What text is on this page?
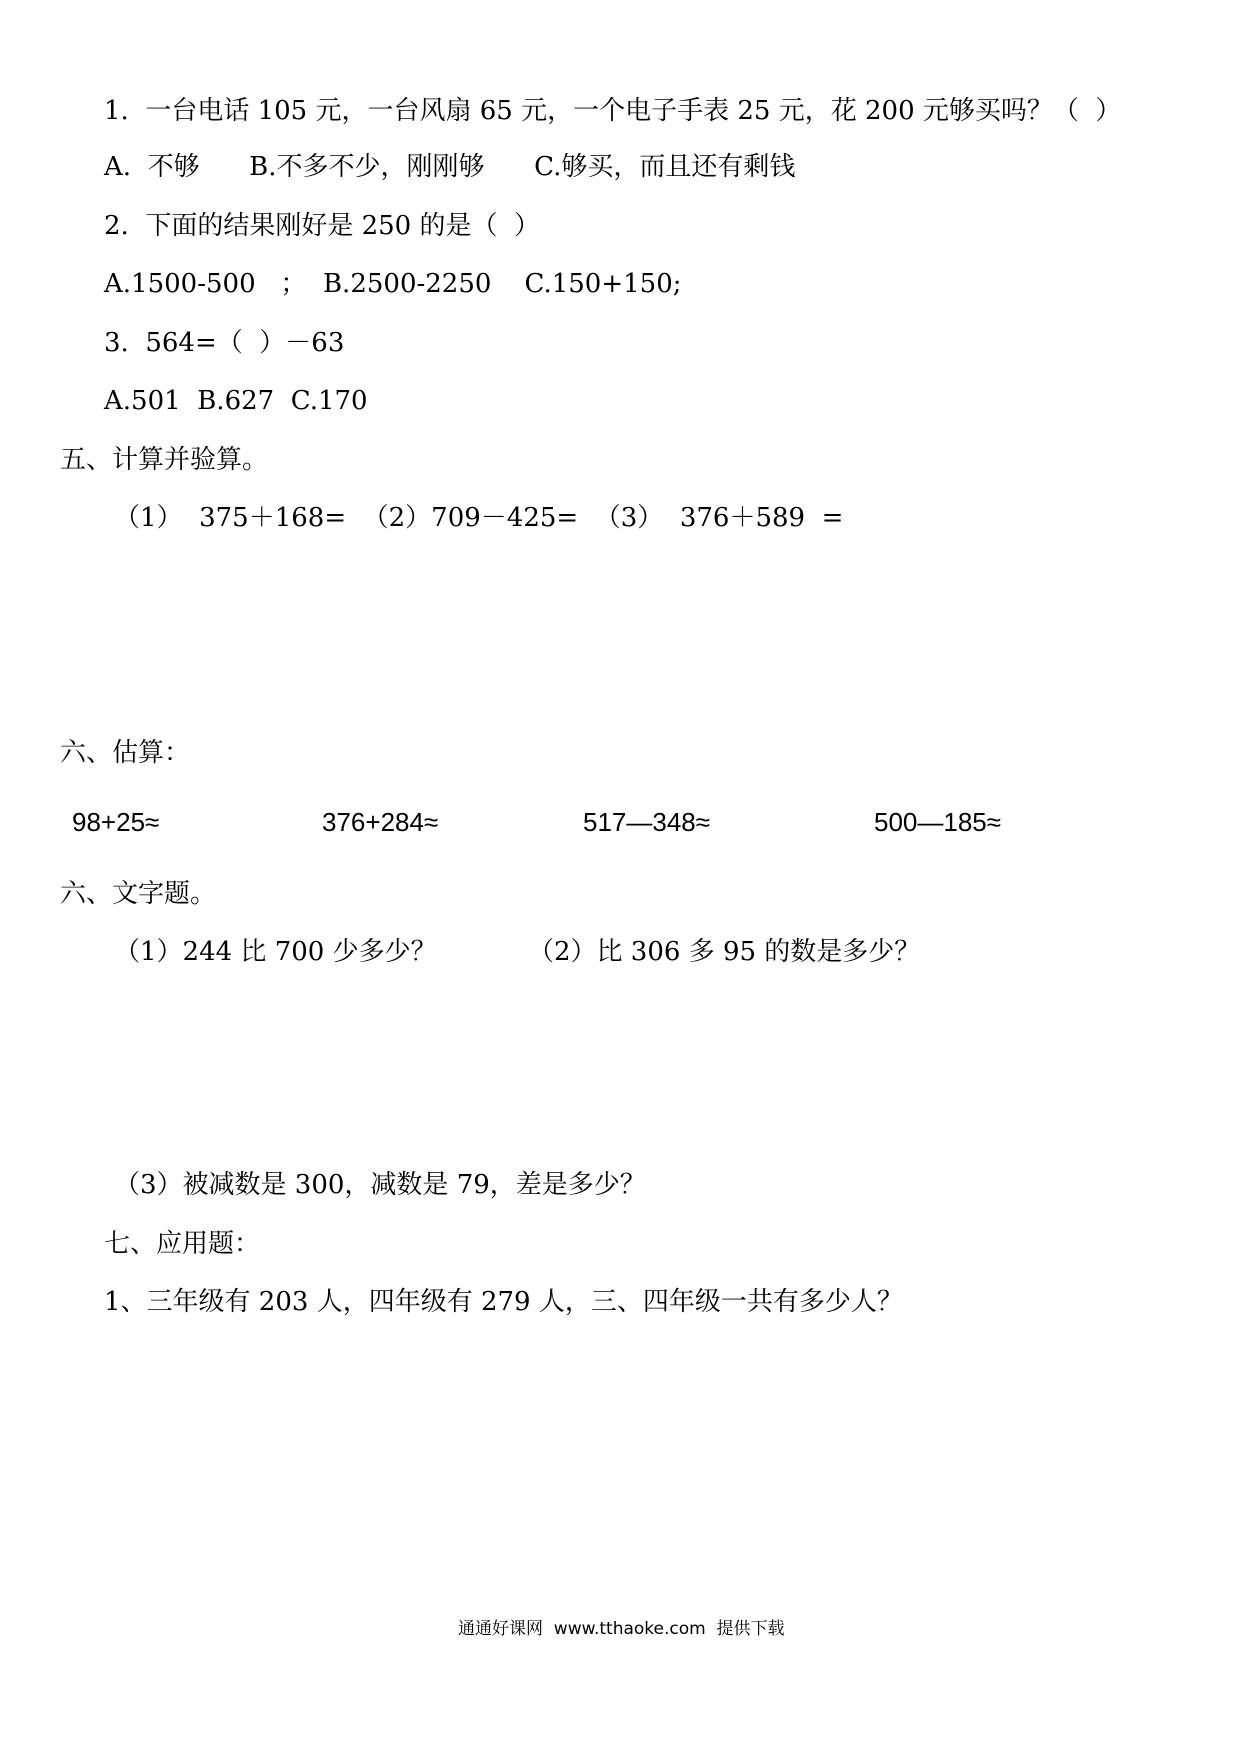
1.  一台电话 105 元，一台风扇 65 元，一个电子手表 25 元，花 200 元够买吗？（  ）
A.  不够      B.不多不少，刚刚够      C.够买，而且还有剩钱
2.  下面的结果刚好是 250 的是（  ）
A.1500-500   ；  B.2500-2250    C.150+150;
3.  564=（  ）－63
A.501  B.627  C.170
五、计算并验算。
（1）  375＋168=  （2）709－425=  （3）  376＋589  =
六、估算：
98+25≈	376+284≈	517—348≈	500—185≈
六、文字题。
（1）244 比 700 少多少？	（2）比 306 多 95 的数是多少？
（3）被减数是 300，减数是 79，差是多少？
七、应用题：
1、三年级有 203 人，四年级有 279 人，三、四年级一共有多少人？
通通好课网  www.tthaoke.com  提供下载
